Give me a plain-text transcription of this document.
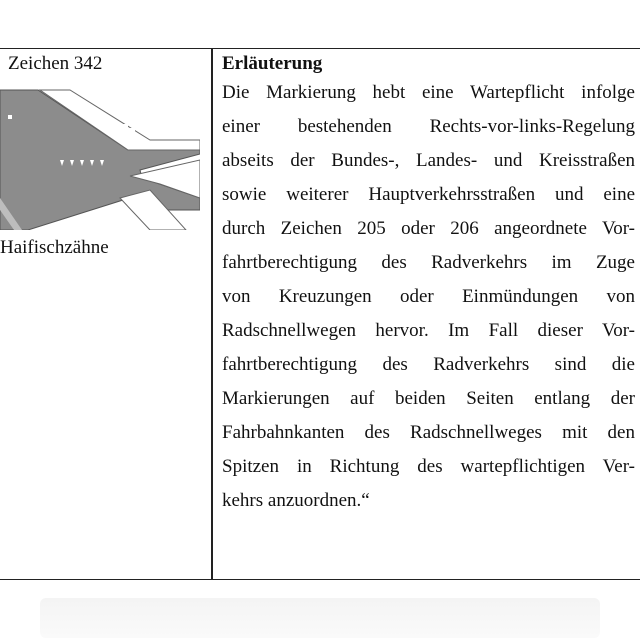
Zeichen 342
Haifischzähne
Erläuterung
Die Markierung hebt eine Wartepflicht infolge
einer bestehenden Rechts-vor-links-Regelung
abseits der Bundes-, Landes- und Kreisstraßen
sowie weiterer Hauptverkehrsstraßen und eine
durch Zeichen 205 oder 206 angeordnete Vor-
fahrtberechtigung des Radverkehrs im Zuge
von Kreuzungen oder Einmündungen von
Radschnellwegen hervor. Im Fall dieser Vor-
fahrtberechtigung des Radverkehrs sind die
Markierungen auf beiden Seiten entlang der
Fahrbahnkanten des Radschnellweges mit den
Spitzen in Richtung des wartepflichtigen Ver-
kehrs anzuordnen.“
